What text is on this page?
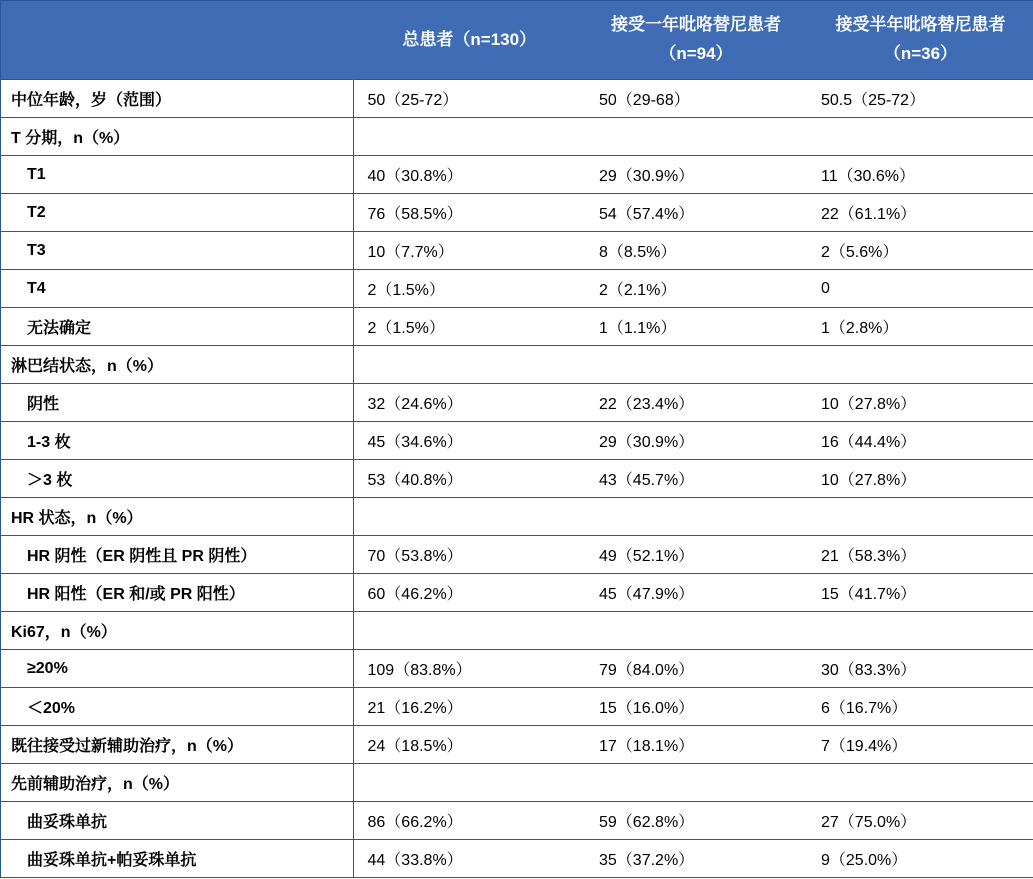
	总患者（n=130）	接受一年吡咯替尼患者（n=94）	接受半年吡咯替尼患者（n=36）
中位年龄，岁（范围）	50（25-72）	50（29-68）	50.5（25-72）
T 分期，n（%）			
T1	40（30.8%）	29（30.9%）	11（30.6%）
T2	76（58.5%）	54（57.4%）	22（61.1%）
T3	10（7.7%）	8（8.5%）	2（5.6%）
T4	2（1.5%）	2（2.1%）	0
无法确定	2（1.5%）	1（1.1%）	1（2.8%）
淋巴结状态，n（%）			
阴性	32（24.6%）	22（23.4%）	10（27.8%）
1-3 枚	45（34.6%）	29（30.9%）	16（44.4%）
＞3 枚	53（40.8%）	43（45.7%）	10（27.8%）
HR 状态，n（%）			
HR 阴性（ER 阴性且 PR 阴性）	70（53.8%）	49（52.1%）	21（58.3%）
HR 阳性（ER 和/或 PR 阳性）	60（46.2%）	45（47.9%）	15（41.7%）
Ki67，n（%）			
≥20%	109（83.8%）	79（84.0%）	30（83.3%）
＜20%	21（16.2%）	15（16.0%）	6（16.7%）
既往接受过新辅助治疗，n（%）	24（18.5%）	17（18.1%）	7（19.4%）
先前辅助治疗，n（%）			
曲妥珠单抗	86（66.2%）	59（62.8%）	27（75.0%）
曲妥珠单抗+帕妥珠单抗	44（33.8%）	35（37.2%）	9（25.0%）
